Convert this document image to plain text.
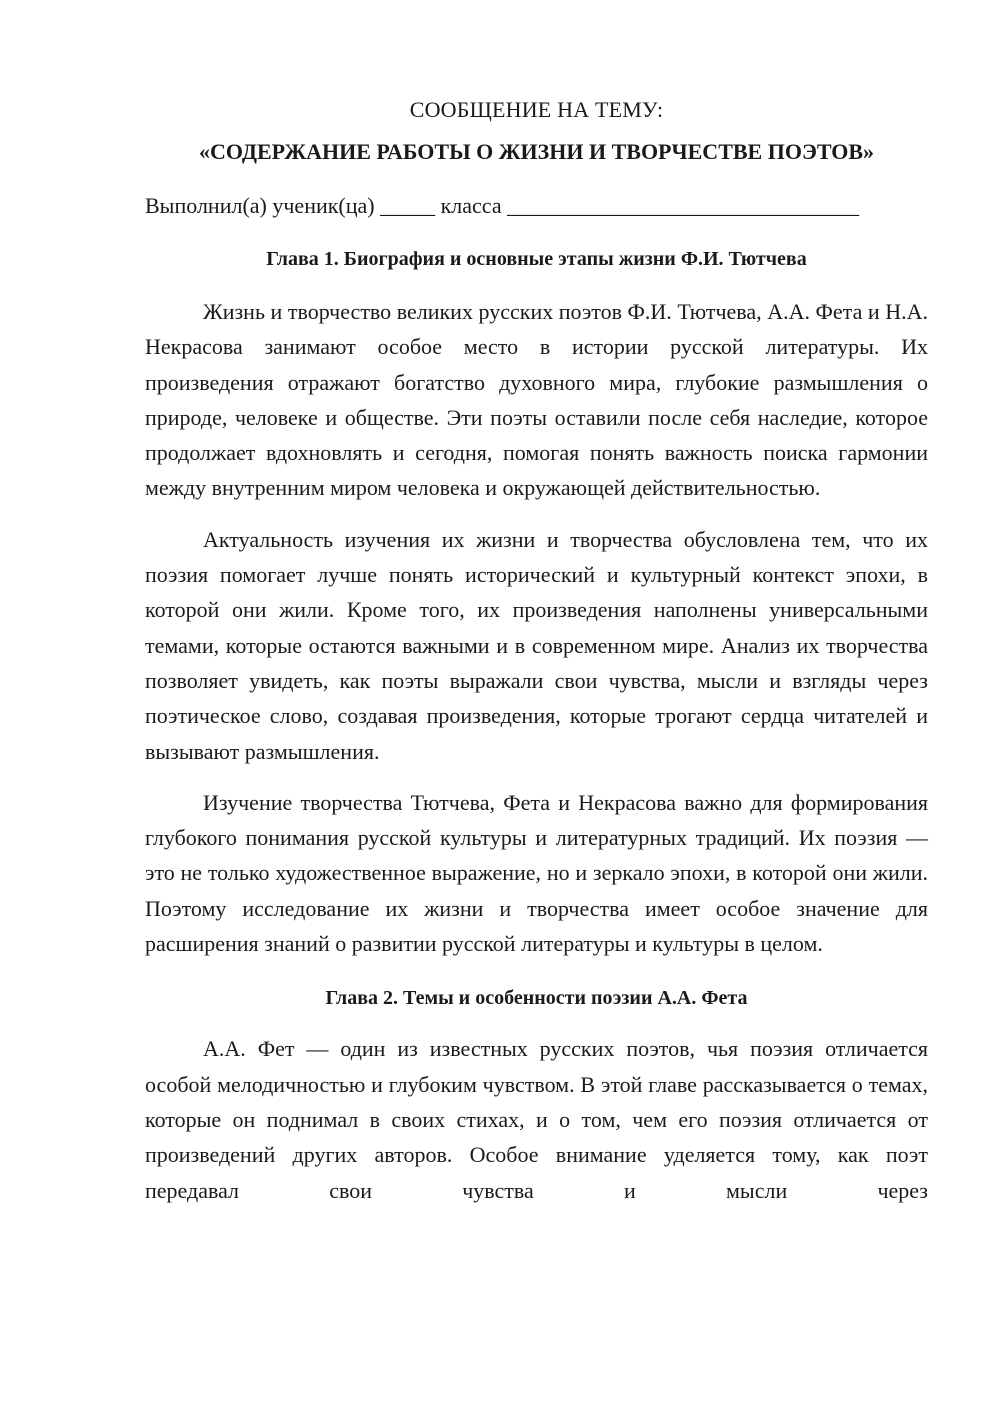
СООБЩЕНИЕ НА ТЕМУ:

«СОДЕРЖАНИЕ РАБОТЫ О ЖИЗНИ И ТВОРЧЕСТВЕ ПОЭТОВ»

Выполнил(а) ученик(ца) _____ класса ________________________________

Глава 1. Биография и основные этапы жизни Ф.И. Тютчева

Жизнь и творчество великих русских поэтов Ф.И. Тютчева, А.А. Фета и Н.А. Некрасова занимают особое место в истории русской литературы. Их произведения отражают богатство духовного мира, глубокие размышления о природе, человеке и обществе. Эти поэты оставили после себя наследие, которое продолжает вдохновлять и сегодня, помогая понять важность поиска гармонии между внутренним миром человека и окружающей действительностью.

Актуальность изучения их жизни и творчества обусловлена тем, что их поэзия помогает лучше понять исторический и культурный контекст эпохи, в которой они жили. Кроме того, их произведения наполнены универсальными темами, которые остаются важными и в современном мире. Анализ их творчества позволяет увидеть, как поэты выражали свои чувства, мысли и взгляды через поэтическое слово, создавая произведения, которые трогают сердца читателей и вызывают размышления.

Изучение творчества Тютчева, Фета и Некрасова важно для формирования глубокого понимания русской культуры и литературных традиций. Их поэзия — это не только художественное выражение, но и зеркало эпохи, в которой они жили. Поэтому исследование их жизни и творчества имеет особое значение для расширения знаний о развитии русской литературы и культуры в целом.

Глава 2. Темы и особенности поэзии А.А. Фета

А.А. Фет — один из известных русских поэтов, чья поэзия отличается особой мелодичностью и глубоким чувством. В этой главе рассказывается о темах, которые он поднимал в своих стихах, и о том, чем его поэзия отличается от произведений других авторов. Особое внимание уделяется тому, как поэт передавал свои чувства и мысли через
